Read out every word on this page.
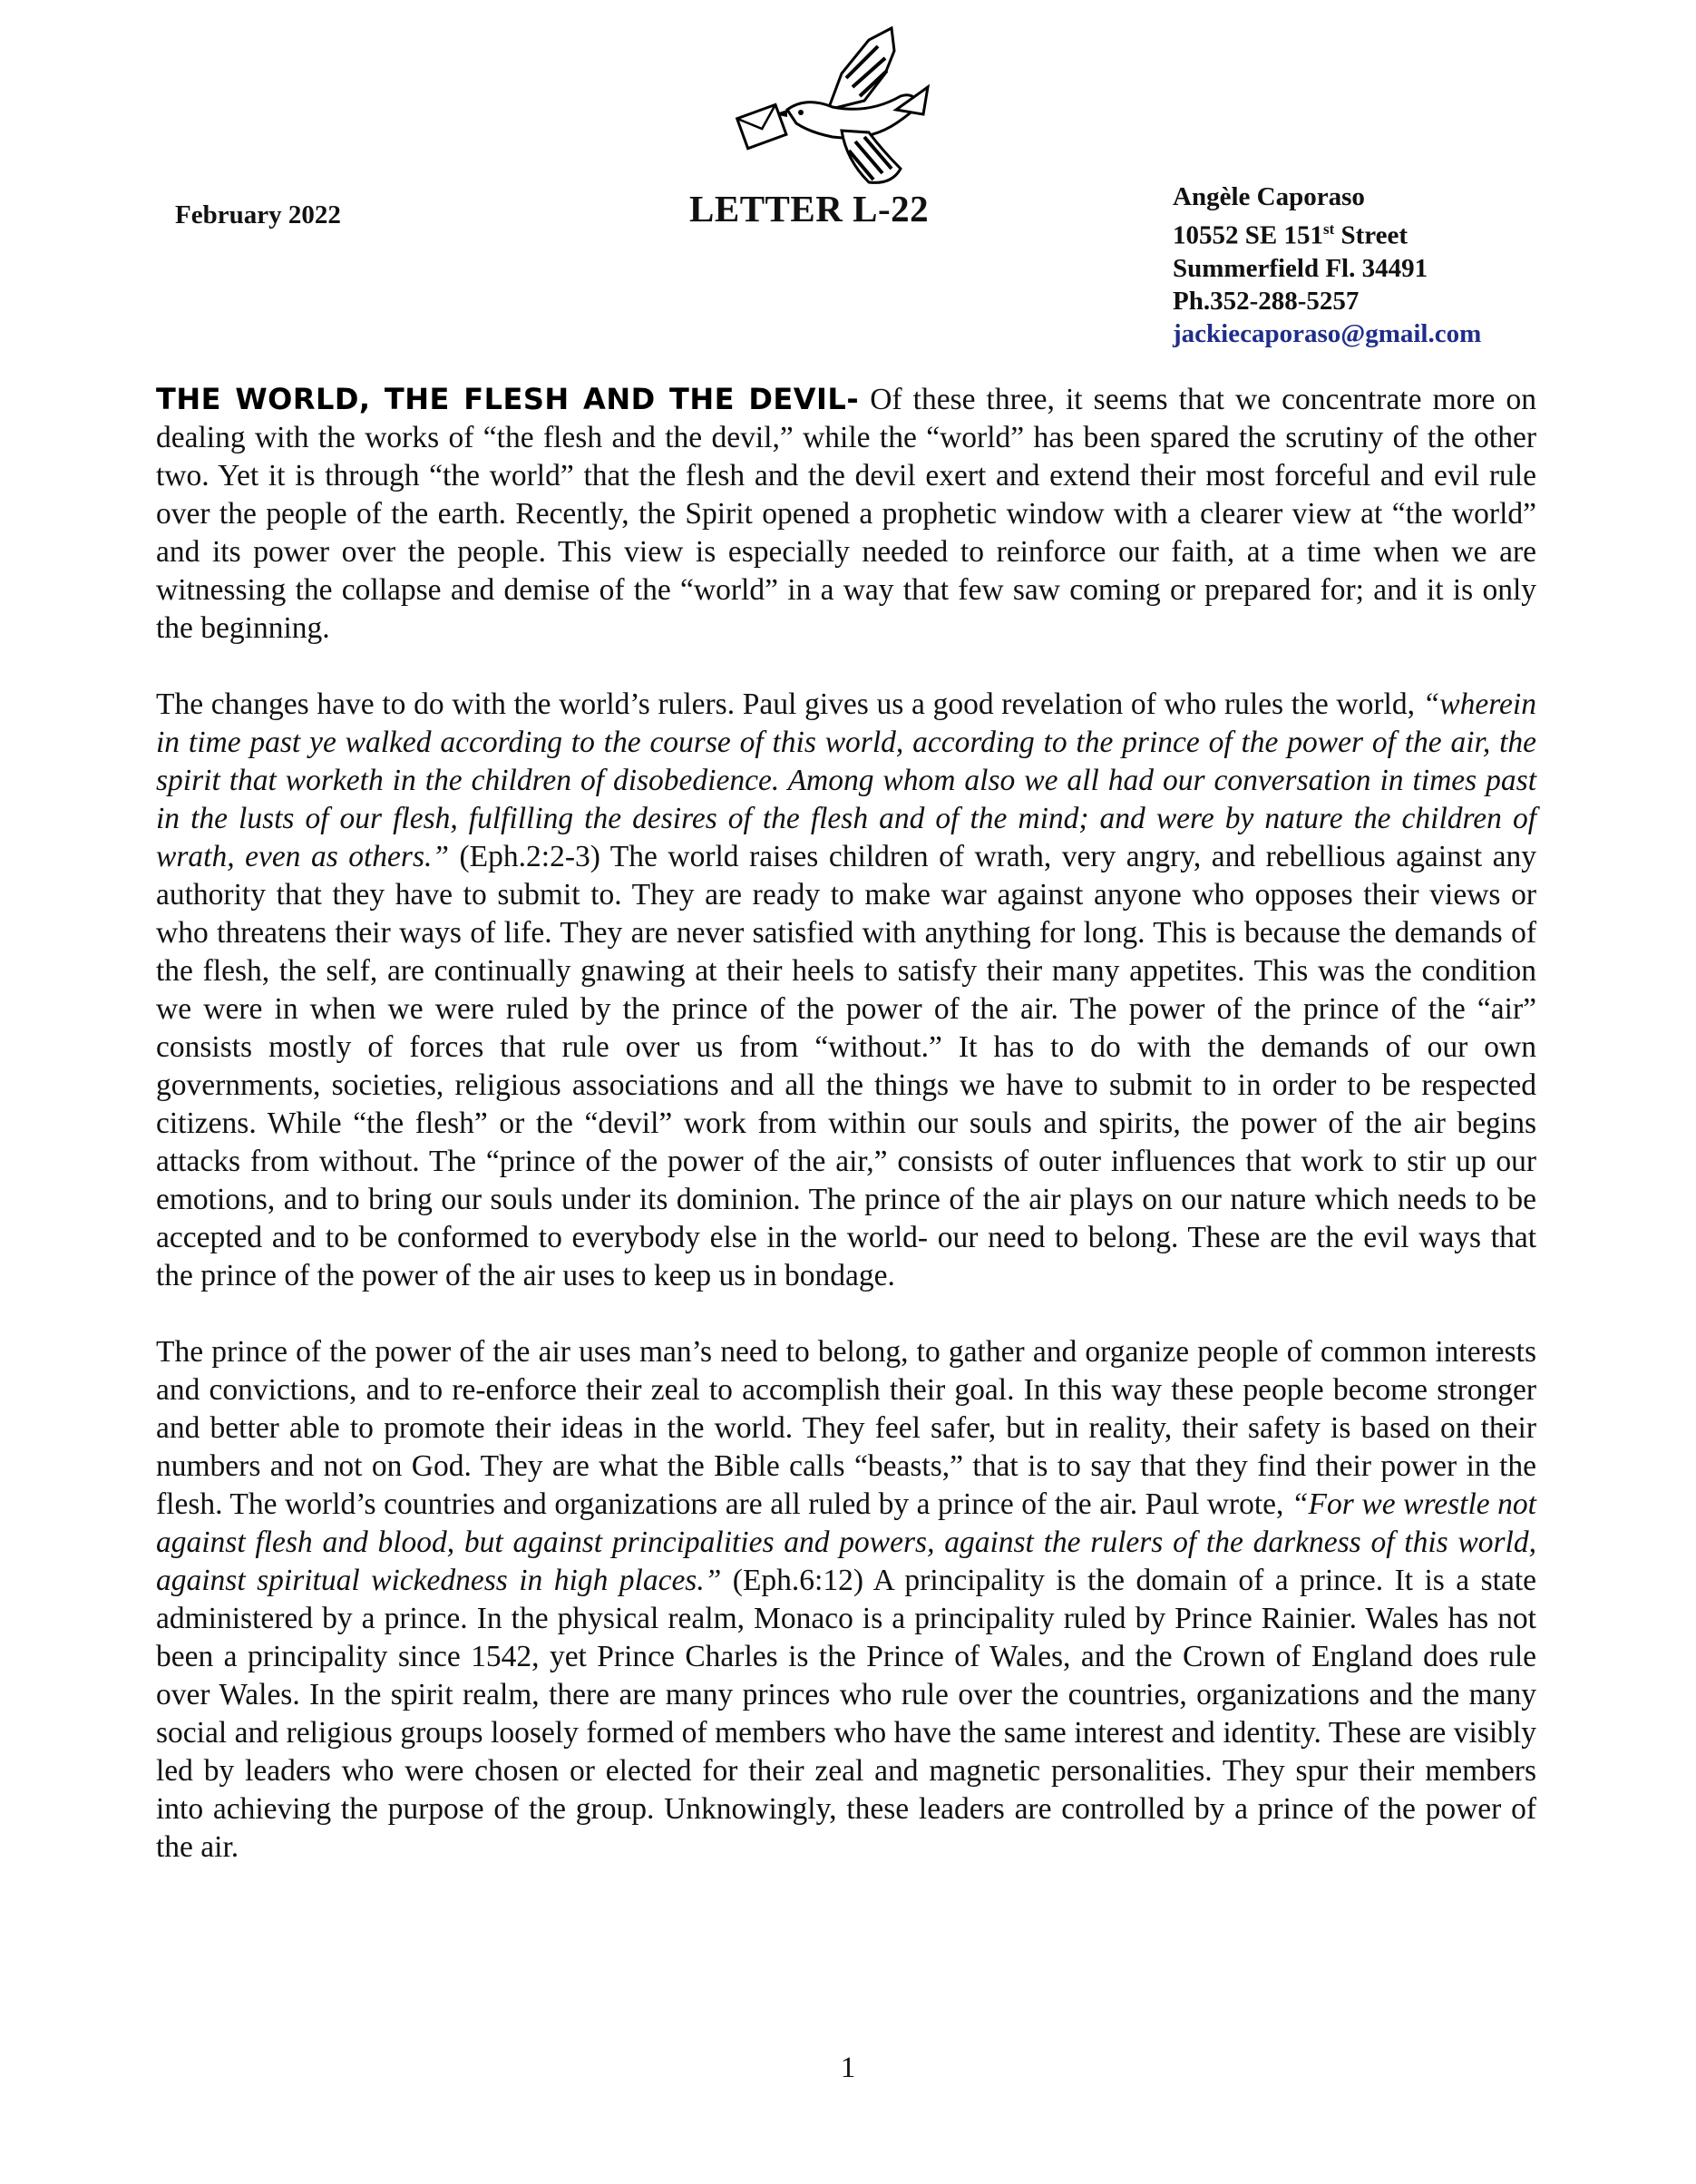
February 2022	LETTER L-22	Angèle Caporaso
10552 SE 151st Street
Summerfield Fl. 34491
Ph.352-288-5257
jackiecaporaso@gmail.com

THE WORLD, THE FLESH AND THE DEVIL- Of these three, it seems that we concentrate more on dealing with the works of “the flesh and the devil,” while the “world” has been spared the scrutiny of the other two. Yet it is through “the world” that the flesh and the devil exert and extend their most forceful and evil rule over the people of the earth. Recently, the Spirit opened a prophetic window with a clearer view at “the world” and its power over the people. This view is especially needed to reinforce our faith, at a time when we are witnessing the collapse and demise of the “world” in a way that few saw coming or prepared for; and it is only the beginning.

The changes have to do with the world’s rulers. Paul gives us a good revelation of who rules the world, “wherein in time past ye walked according to the course of this world, according to the prince of the power of the air, the spirit that worketh in the children of disobedience. Among whom also we all had our conversation in times past in the lusts of our flesh, fulfilling the desires of the flesh and of the mind; and were by nature the children of wrath, even as others.” (Eph.2:2-3) The world raises children of wrath, very angry, and rebellious against any authority that they have to submit to. They are ready to make war against anyone who opposes their views or who threatens their ways of life. They are never satisfied with anything for long. This is because the demands of the flesh, the self, are continually gnawing at their heels to satisfy their many appetites. This was the condition we were in when we were ruled by the prince of the power of the air. The power of the prince of the “air” consists mostly of forces that rule over us from “without.” It has to do with the demands of our own governments, societies, religious associations and all the things we have to submit to in order to be respected citizens. While “the flesh” or the “devil” work from within our souls and spirits, the power of the air begins attacks from without. The “prince of the power of the air,” consists of outer influences that work to stir up our emotions, and to bring our souls under its dominion. The prince of the air plays on our nature which needs to be accepted and to be conformed to everybody else in the world- our need to belong. These are the evil ways that the prince of the power of the air uses to keep us in bondage.

The prince of the power of the air uses man’s need to belong, to gather and organize people of common interests and convictions, and to re-enforce their zeal to accomplish their goal. In this way these people become stronger and better able to promote their ideas in the world. They feel safer, but in reality, their safety is based on their numbers and not on God. They are what the Bible calls “beasts,” that is to say that they find their power in the flesh. The world’s countries and organizations are all ruled by a prince of the air. Paul wrote, “For we wrestle not against flesh and blood, but against principalities and powers, against the rulers of the darkness of this world, against spiritual wickedness in high places.” (Eph.6:12) A principality is the domain of a prince. It is a state administered by a prince. In the physical realm, Monaco is a principality ruled by Prince Rainier. Wales has not been a principality since 1542, yet Prince Charles is the Prince of Wales, and the Crown of England does rule over Wales. In the spirit realm, there are many princes who rule over the countries, organizations and the many social and religious groups loosely formed of members who have the same interest and identity. These are visibly led by leaders who were chosen or elected for their zeal and magnetic personalities. They spur their members into achieving the purpose of the group. Unknowingly, these leaders are controlled by a prince of the power of the air.

1
